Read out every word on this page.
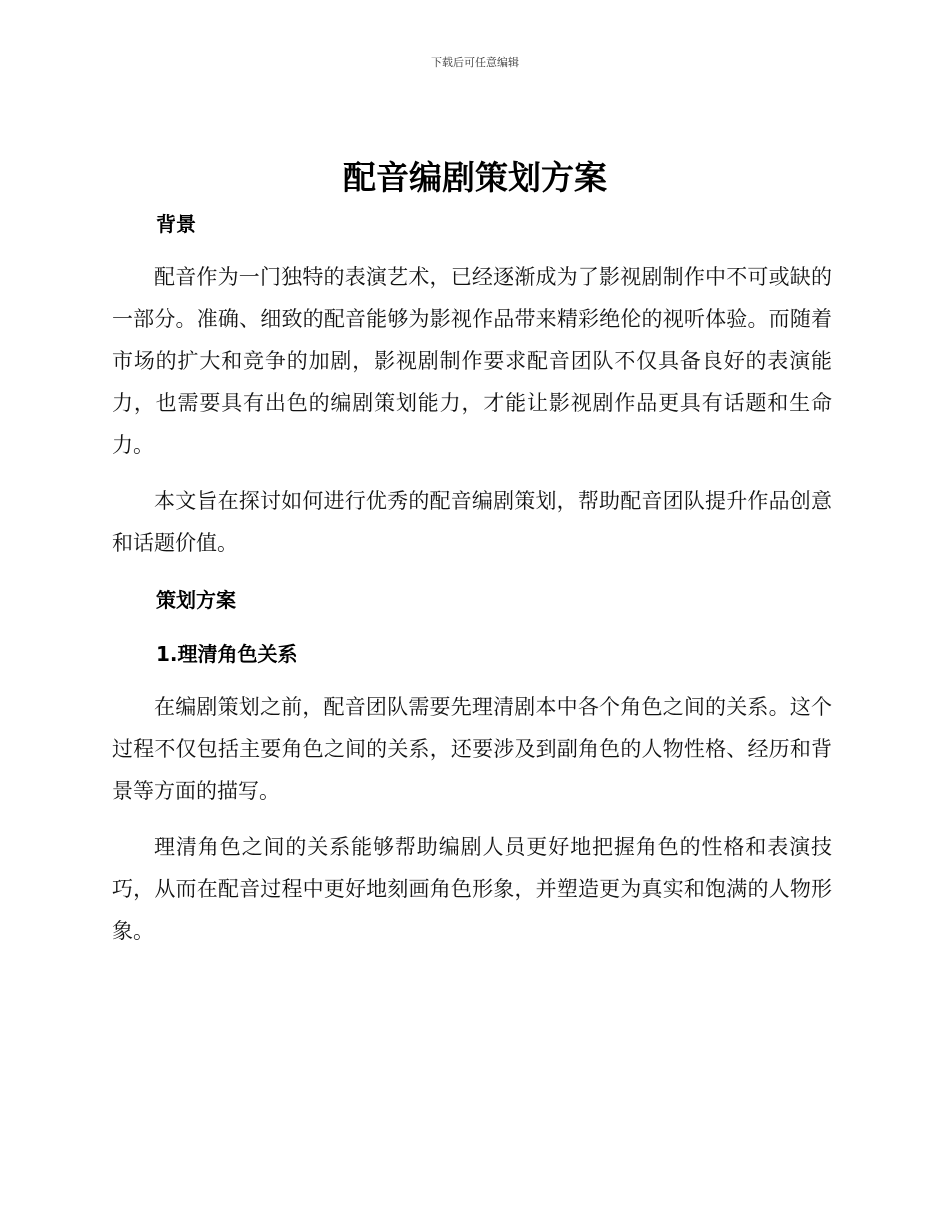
下载后可任意编辑
配音编剧策划方案
背景
配音作为一门独特的表演艺术，已经逐渐成为了影视剧制作中不可或缺的一部分。准确、细致的配音能够为影视作品带来精彩绝伦的视听体验。而随着市场的扩大和竞争的加剧，影视剧制作要求配音团队不仅具备良好的表演能力，也需要具有出色的编剧策划能力，才能让影视剧作品更具有话题和生命力。
本文旨在探讨如何进行优秀的配音编剧策划，帮助配音团队提升作品创意和话题价值。
策划方案
1.理清角色关系
在编剧策划之前，配音团队需要先理清剧本中各个角色之间的关系。这个过程不仅包括主要角色之间的关系，还要涉及到副角色的人物性格、经历和背景等方面的描写。
理清角色之间的关系能够帮助编剧人员更好地把握角色的性格和表演技巧，从而在配音过程中更好地刻画角色形象，并塑造更为真实和饱满的人物形象。
